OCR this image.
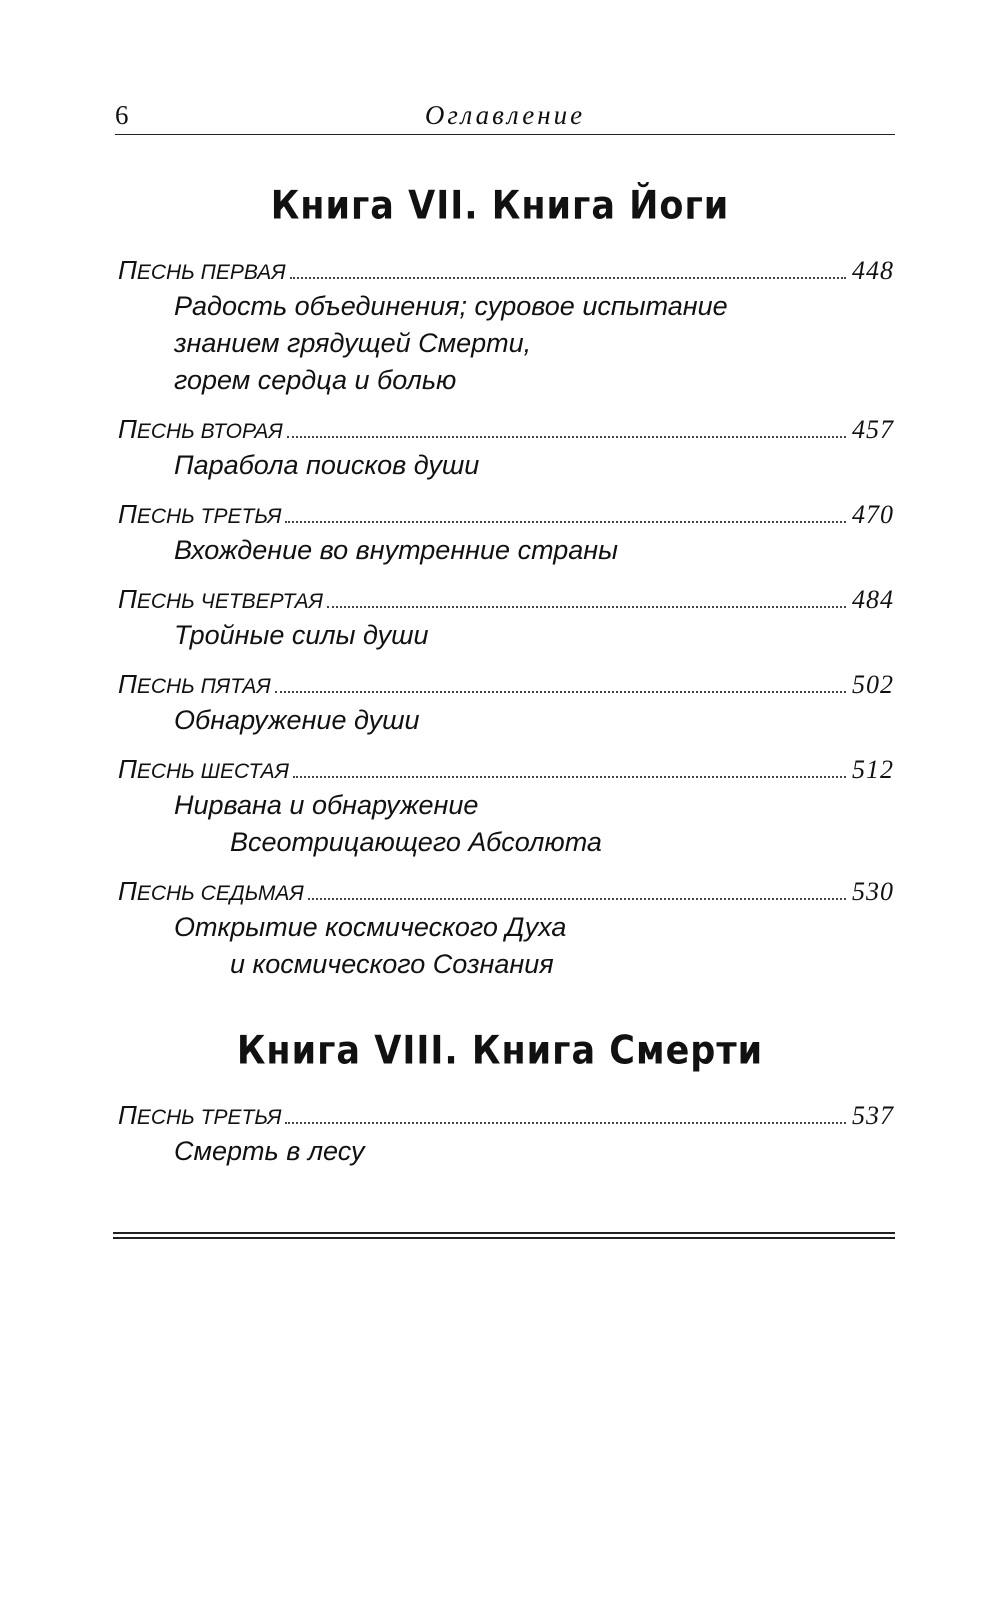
6	Оглавление
Книга VII. Книга Йоги
ПЕСНЬ ПЕРВАЯ	448
Радость объединения; суровое испытание
знанием грядущей Смерти,
горем сердца и болью
ПЕСНЬ ВТОРАЯ	457
Парабола поисков души
ПЕСНЬ ТРЕТЬЯ	470
Вхождение во внутренние страны
ПЕСНЬ ЧЕТВЕРТАЯ	484
Тройные силы души
ПЕСНЬ ПЯТАЯ	502
Обнаружение души
ПЕСНЬ ШЕСТАЯ	512
Нирвана и обнаружение
Всеотрицающего Абсолюта
ПЕСНЬ СЕДЬМАЯ	530
Открытие космического Духа
и космического Сознания
Книга VIII. Книга Смерти
ПЕСНЬ ТРЕТЬЯ	537
Смерть в лесу
